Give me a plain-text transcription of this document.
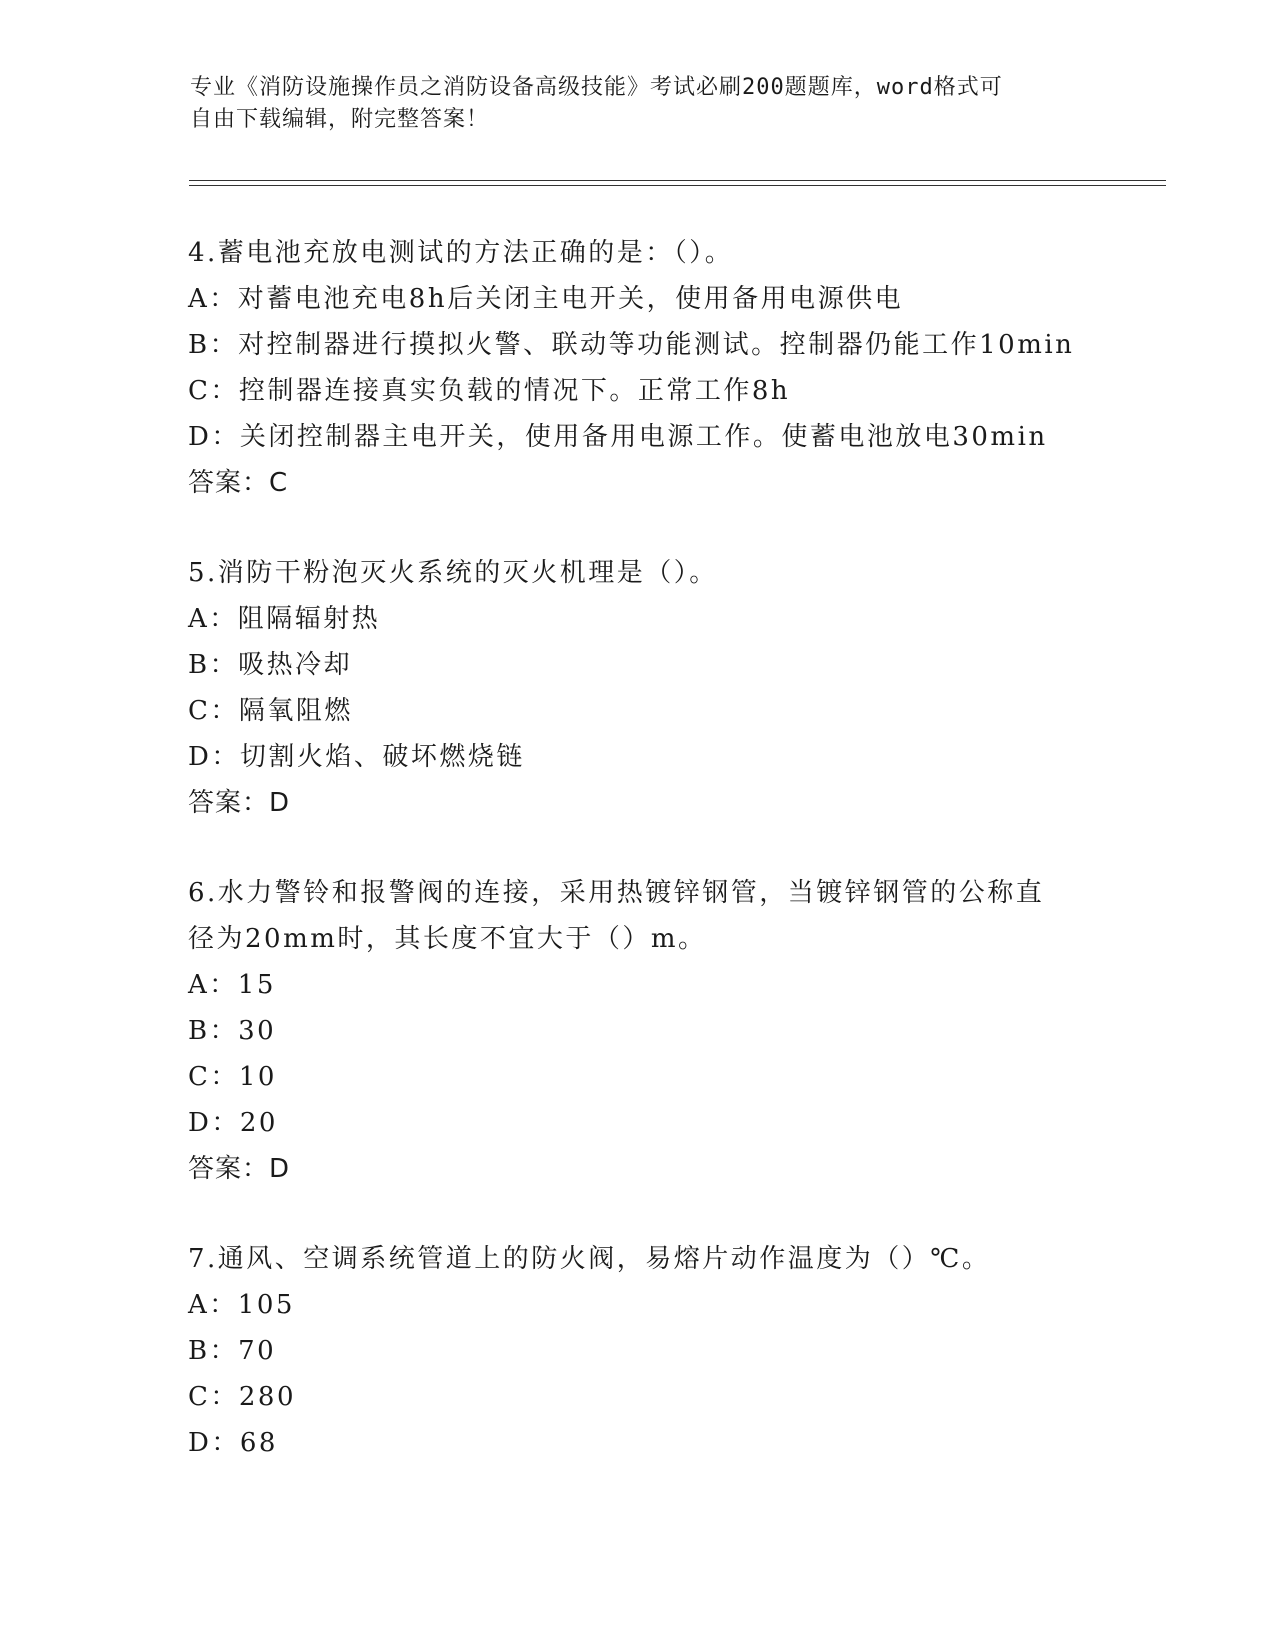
专业《消防设施操作员之消防设备高级技能》考试必刷200题题库，word格式可
自由下载编辑，附完整答案！
4.蓄电池充放电测试的方法正确的是：（）。
A：对蓄电池充电8h后关闭主电开关，使用备用电源供电
B：对控制器进行摸拟火警、联动等功能测试。控制器仍能工作10min
C：控制器连接真实负载的情况下。正常工作8h
D：关闭控制器主电开关，使用备用电源工作。使蓄电池放电30min
答案：C
5.消防干粉泡灭火系统的灭火机理是（）。
A：阻隔辐射热
B：吸热冷却
C：隔氧阻燃
D：切割火焰、破坏燃烧链
答案：D
6.水力警铃和报警阀的连接，采用热镀锌钢管，当镀锌钢管的公称直
径为20mm时，其长度不宜大于（）m。
A：15
B：30
C：10
D：20
答案：D
7.通风、空调系统管道上的防火阀，易熔片动作温度为（）℃。
A：105
B：70
C：280
D：68
